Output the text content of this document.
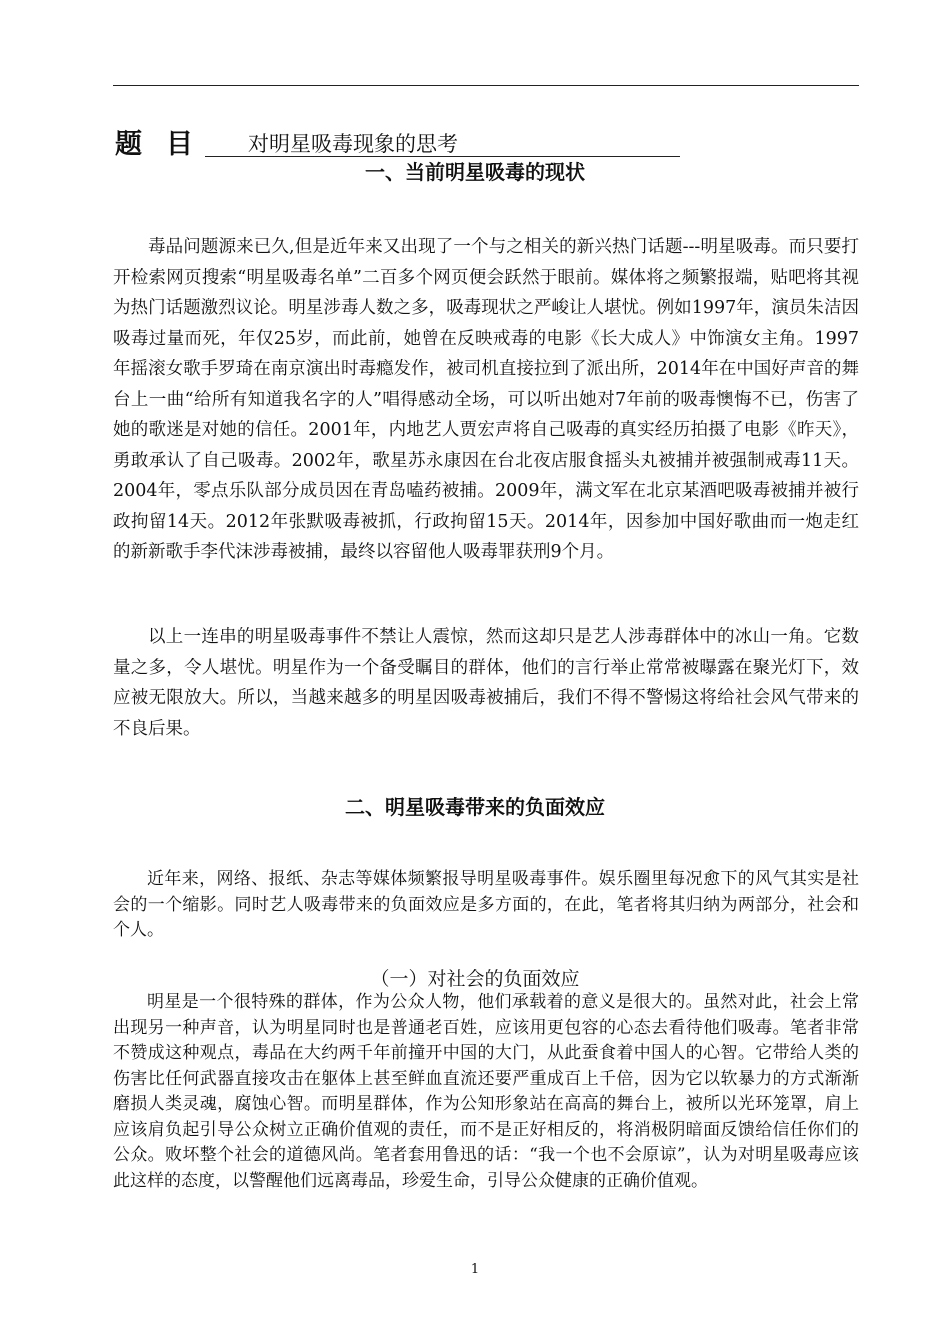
题目 对明星吸毒现象的思考
一、当前明星吸毒的现状

毒品问题源来已久,但是近年来又出现了一个与之相关的新兴热门话题---明星吸毒。而只要打开检索网页搜索“明星吸毒名单”二百多个网页便会跃然于眼前。媒体将之频繁报端，贴吧将其视为热门话题激烈议论。明星涉毒人数之多，吸毒现状之严峻让人堪忧。例如1997年，演员朱洁因吸毒过量而死，年仅25岁，而此前，她曾在反映戒毒的电影《长大成人》中饰演女主角。1997年摇滚女歌手罗琦在南京演出时毒瘾发作，被司机直接拉到了派出所，2014年在中国好声音的舞台上一曲“给所有知道我名字的人”唱得感动全场，可以听出她对7年前的吸毒懊悔不已，伤害了她的歌迷是对她的信任。2001年，内地艺人贾宏声将自己吸毒的真实经历拍摄了电影《昨天》，勇敢承认了自己吸毒。2002年，歌星苏永康因在台北夜店服食摇头丸被捕并被强制戒毒11天。2004年，零点乐队部分成员因在青岛嗑药被捕。2009年，满文军在北京某酒吧吸毒被捕并被行政拘留14天。2012年张默吸毒被抓，行政拘留15天。2014年，因参加中国好歌曲而一炮走红的新新歌手李代沫涉毒被捕，最终以容留他人吸毒罪获刑9个月。

以上一连串的明星吸毒事件不禁让人震惊，然而这却只是艺人涉毒群体中的冰山一角。它数量之多，令人堪忧。明星作为一个备受瞩目的群体，他们的言行举止常常被曝露在聚光灯下，效应被无限放大。所以，当越来越多的明星因吸毒被捕后，我们不得不警惕这将给社会风气带来的不良后果。

二、明星吸毒带来的负面效应

近年来，网络、报纸、杂志等媒体频繁报导明星吸毒事件。娱乐圈里每况愈下的风气其实是社会的一个缩影。同时艺人吸毒带来的负面效应是多方面的，在此，笔者将其归纳为两部分，社会和个人。

（一）对社会的负面效应

明星是一个很特殊的群体，作为公众人物，他们承载着的意义是很大的。虽然对此，社会上常出现另一种声音，认为明星同时也是普通老百姓，应该用更包容的心态去看待他们吸毒。笔者非常不赞成这种观点，毒品在大约两千年前撞开中国的大门，从此蚕食着中国人的心智。它带给人类的伤害比任何武器直接攻击在躯体上甚至鲜血直流还要严重成百上千倍，因为它以软暴力的方式渐渐磨损人类灵魂，腐蚀心智。而明星群体，作为公知形象站在高高的舞台上，被所以光环笼罩，肩上应该肩负起引导公众树立正确价值观的责任，而不是正好相反的，将消极阴暗面反馈给信任你们的公众。败坏整个社会的道德风尚。笔者套用鲁迅的话：“我一个也不会原谅”，认为对明星吸毒应该此这样的态度，以警醒他们远离毒品，珍爱生命，引导公众健康的正确价值观。

1
